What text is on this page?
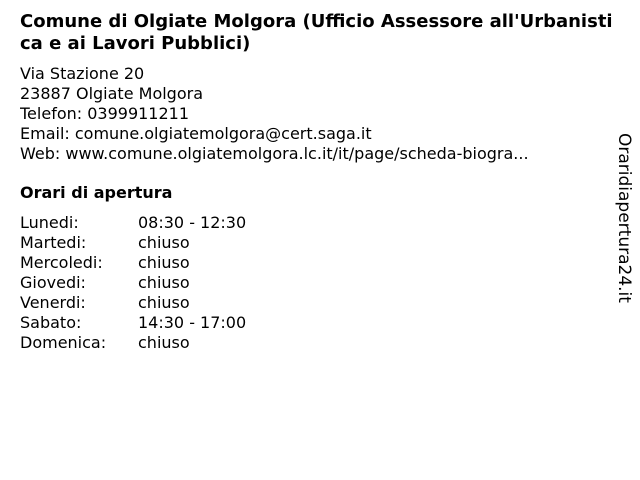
Comune di Olgiate Molgora (Ufficio Assessore all'Urbanistica e ai Lavori Pubblici)
Via Stazione 20
23887 Olgiate Molgora
Telefon: 0399911211
Email: comune.olgiatemolgora@cert.saga.it
Web: www.comune.olgiatemolgora.lc.it/it/page/scheda-biogra...
Orari di apertura
Lunedi:	08:30 - 12:30
Martedi:	chiuso
Mercoledi:	chiuso
Giovedi:	chiuso
Venerdi:	chiuso
Sabato:	14:30 - 17:00
Domenica:	chiuso
Oraridiapertura24.it
